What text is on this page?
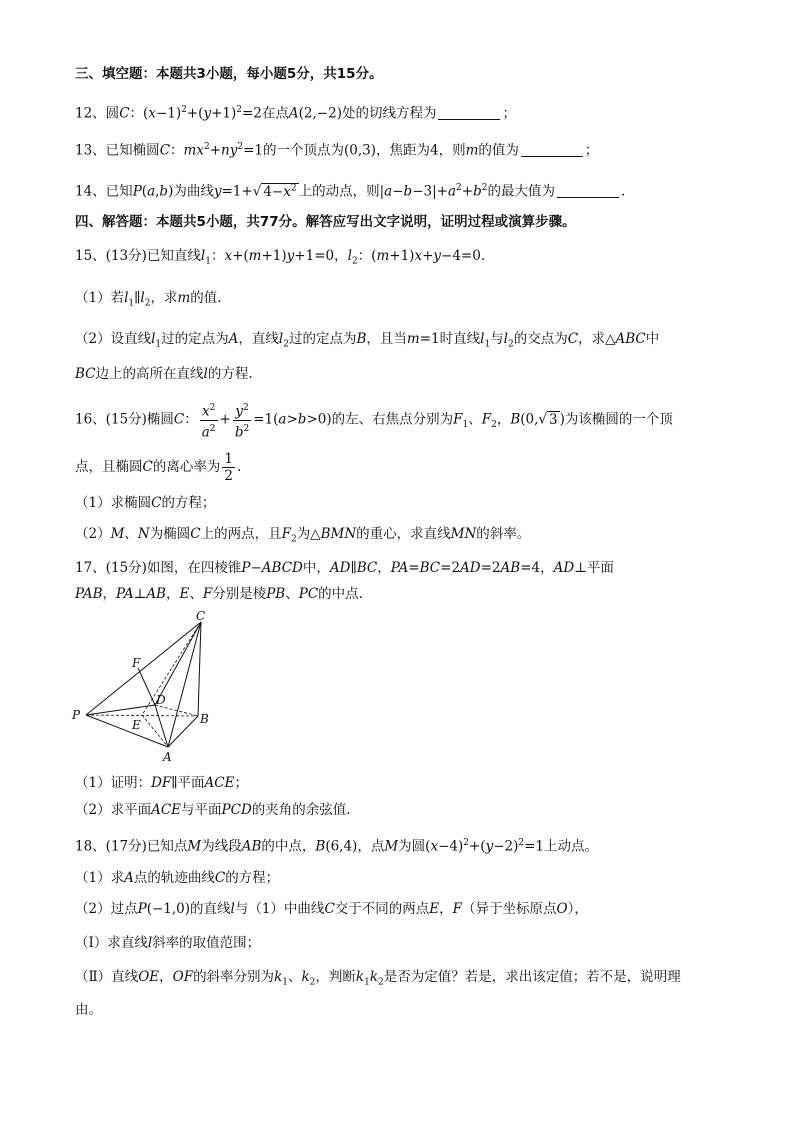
三、填空题：本题共3小题，每小题5分，共15分。
12、圆C：$(x-1)^2+(y+1)^2=2$在点A(2,−2)处的切线方程为	；
13、已知椭圆C：$mx^2+ny^2=1$的一个顶点为(0,3)，焦距为4，则m的值为	；
14、已知P(a,b)为曲线y=1+√ $4-x^2$ 上的动点，则$|a-b-3|+a^2+b^2$的最大值为	.
四、解答题：本题共5小题，共77分。解答应写出文字说明，证明过程或演算步骤。
15、(13分)已知直线$l_1$：x+(m+1)y+1=0，$l_2$：(m+1)x+y−4=0.
（1）若$l_1\parallel l_2$，求m的值.
（2）设直线$l_1$过的定点为A，直线$l_2$过的定点为B，且当m=1时直线$l_1$与$l_2$的交点为C，求△ABC中
BC边上的高所在直线l的方程.
16、(15分)椭圆C： $\frac{x^2}{a^2} + \frac{y^2}{b^2} =1(a>b>0)$的左、右焦点分别为$F_1$、$F_2$，B(0,√ 3 )为该椭圆的一个顶
点，且椭圆C的离心率为 $\frac{1}{2}$ .
（1）求椭圆C的方程；
（2）M、N为椭圆C上的两点，且$F_2$为△BMN的重心，求直线MN的斜率。
17、(15分)如图，在四棱锥P−ABCD中，AD∥BC，PA=BC=2AD=2AB=4，AD⊥平面
PAB，PA⊥AB，E、F分别是棱PB、PC的中点.
C
F
D
P
E	B
A
（1）证明：DF∥平面ACE；
（2）求平面ACE与平面PCD的夹角的余弦值.
18、(17分)已知点M为线段AB的中点，B(6,4)，点M为圆$(x-4)^2+(y-2)^2=1$上动点。
（1）求A点的轨迹曲线C的方程；
（2）过点P(−1,0)的直线l与（1）中曲线C交于不同的两点E，F（异于坐标原点O），
（Ⅰ）求直线l斜率的取值范围；
（Ⅱ）直线OE，OF的斜率分别为$k_1$、$k_2$，判断$k_1k_2$是否为定值？若是，求出该定值；若不是，说明理
由。
